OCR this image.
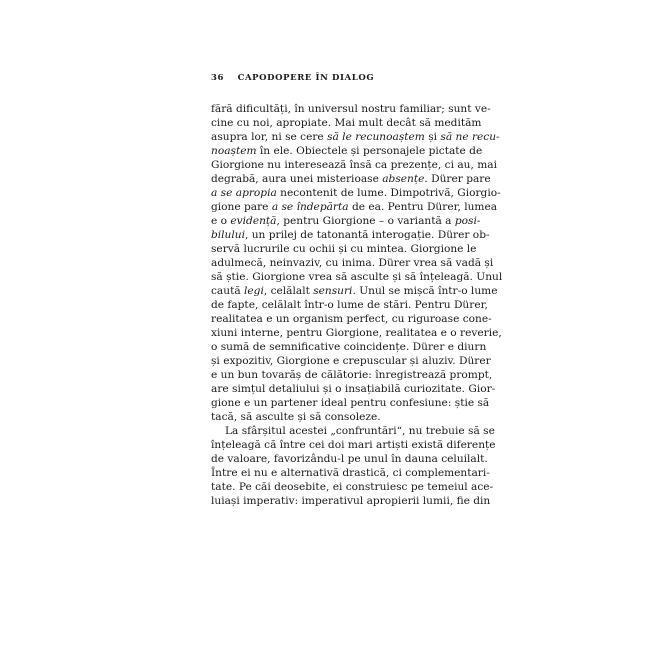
36 CAPODOPERE ÎN DIALOG
fără dificultăți, în universul nostru familiar; sunt ve-
cine cu noi, apropiate. Mai mult decât să medităm
asupra lor, ni se cere să le recunoaștem și să ne recu-
noaștem în ele. Obiectele și personajele pictate de
Giorgione nu interesează însă ca prezențe, ci au, mai
degrabă, aura unei misterioase absențe. Dürer pare
a se apropia necontenit de lume. Dimpotrivă, Giorgio-
gione pare a se îndepărta de ea. Pentru Dürer, lumea
e o evidență, pentru Giorgione – o variantă a posi-
bilului, un prilej de tatonantă interogație. Dürer ob-
servă lucrurile cu ochii și cu mintea. Giorgione le
adulmecă, neinvaziv, cu inima. Dürer vrea să vadă și
să știe. Giorgione vrea să asculte și să înțeleagă. Unul
caută legi, celălalt sensuri. Unul se mișcă într-o lume
de fapte, celălalt într-o lume de stări. Pentru Dürer,
realitatea e un organism perfect, cu riguroase cone-
xiuni interne, pentru Giorgione, realitatea e o reverie,
o sumă de semnificative coincidențe. Dürer e diurn
și expozitiv, Giorgione e crepuscular și aluziv. Dürer
e un bun tovarăș de călătorie: înregistrează prompt,
are simțul detaliului și o insațiabilă curiozitate. Gior-
gione e un partener ideal pentru confesiune: știe să
tacă, să asculte și să consoleze.
La sfârșitul acestei „confruntări“, nu trebuie să se
înțeleagă că între cei doi mari artiști există diferențe
de valoare, favorizându-l pe unul în dauna celuilalt.
Între ei nu e alternativă drastică, ci complementari-
tate. Pe căi deosebite, ei construiesc pe temeiul ace-
luiași imperativ: imperativul apropierii lumii, fie din
